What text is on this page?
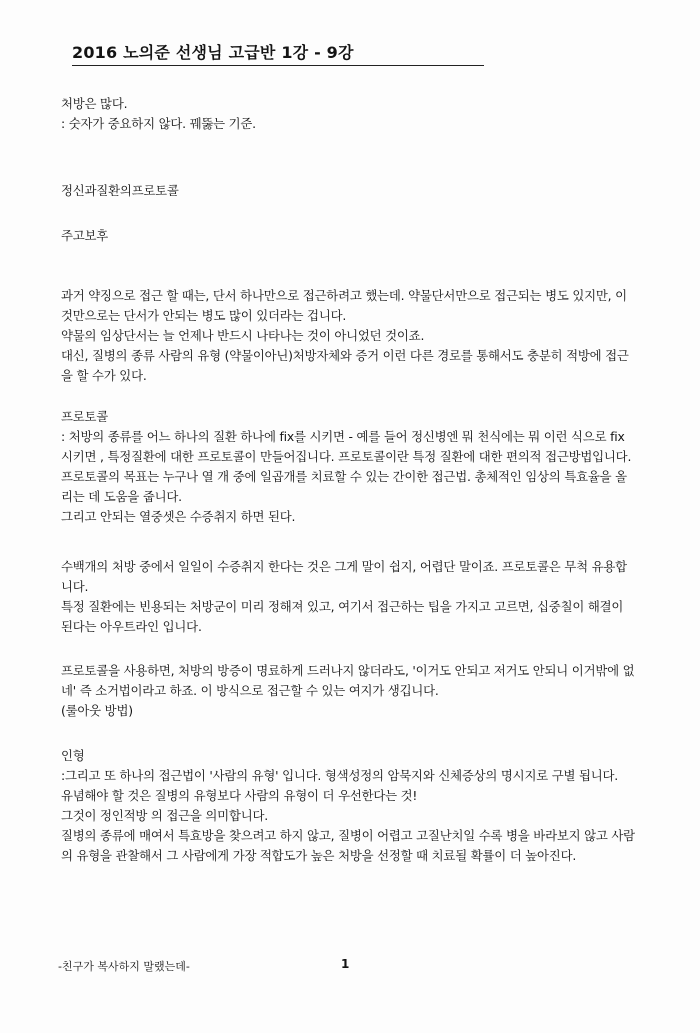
2016 노의준 선생님 고급반 1강 - 9강

처방은 많다.

: 숫자가 중요하지 않다. 꿰뚫는 기준.

정신과질환의프로토콜

주고보후

과거 약징으로 접근 할 때는, 단서 하나만으로 접근하려고 했는데. 약물단서만으로 접근되는 병도 있지만, 이것만으로는 단서가 안되는 병도 많이 있더라는 겁니다.

약물의 임상단서는 늘 언제나 반드시 나타나는 것이 아니었던 것이죠.

대신, 질병의 종류 사람의 유형 (약물이아닌)처방자체와 증거 이런 다른 경로를 통해서도 충분히 적방에 접근을 할 수가 있다.

프로토콜

: 처방의 종류를 어느 하나의 질환 하나에 fix를 시키면 - 예를 들어 정신병엔 뭐 천식에는 뭐 이런 식으로 fix 시키면 , 특정질환에 대한 프로토콜이 만들어집니다. 프로토콜이란 특정 질환에 대한 편의적 접근방법입니다. 프로토콜의 목표는 누구나 열 개 중에 일곱개를 치료할 수 있는 간이한 접근법. 총체적인 임상의 특효율을 올리는 데 도움을 줍니다.

그리고 안되는 열중셋은 수증취지 하면 된다.

수백개의 처방 중에서 일일이 수증취지 한다는 것은 그게 말이 쉽지, 어렵단 말이죠. 프로토콜은 무척 유용합니다.

특정 질환에는 빈용되는 처방군이 미리 정해져 있고, 여기서 접근하는 팁을 가지고 고르면, 십중칠이 해결이 된다는 아우트라인 입니다.

프로토콜을 사용하면, 처방의 방증이 명료하게 드러나지 않더라도, '이거도 안되고 저거도 안되니 이거밖에 없네' 즉 소거법이라고 하죠. 이 방식으로 접근할 수 있는 여지가 생깁니다.

(룰아웃 방법)

인형

:그리고 또 하나의 접근법이 '사람의 유형' 입니다. 형색성정의 암묵지와 신체증상의 명시지로 구별 됩니다.

유념해야 할 것은 질병의 유형보다 사람의 유형이 더 우선한다는 것!

그것이 정인적방 의 접근을 의미합니다.

질병의 종류에 매여서 특효방을 찾으려고 하지 않고, 질병이 어렵고 고질난치일 수록 병을 바라보지 않고 사람의 유형을 관찰해서 그 사람에게 가장 적합도가 높은 처방을 선정할 때 치료될 확률이 더 높아진다.

-친구가 복사하지 말랬는데-	1
